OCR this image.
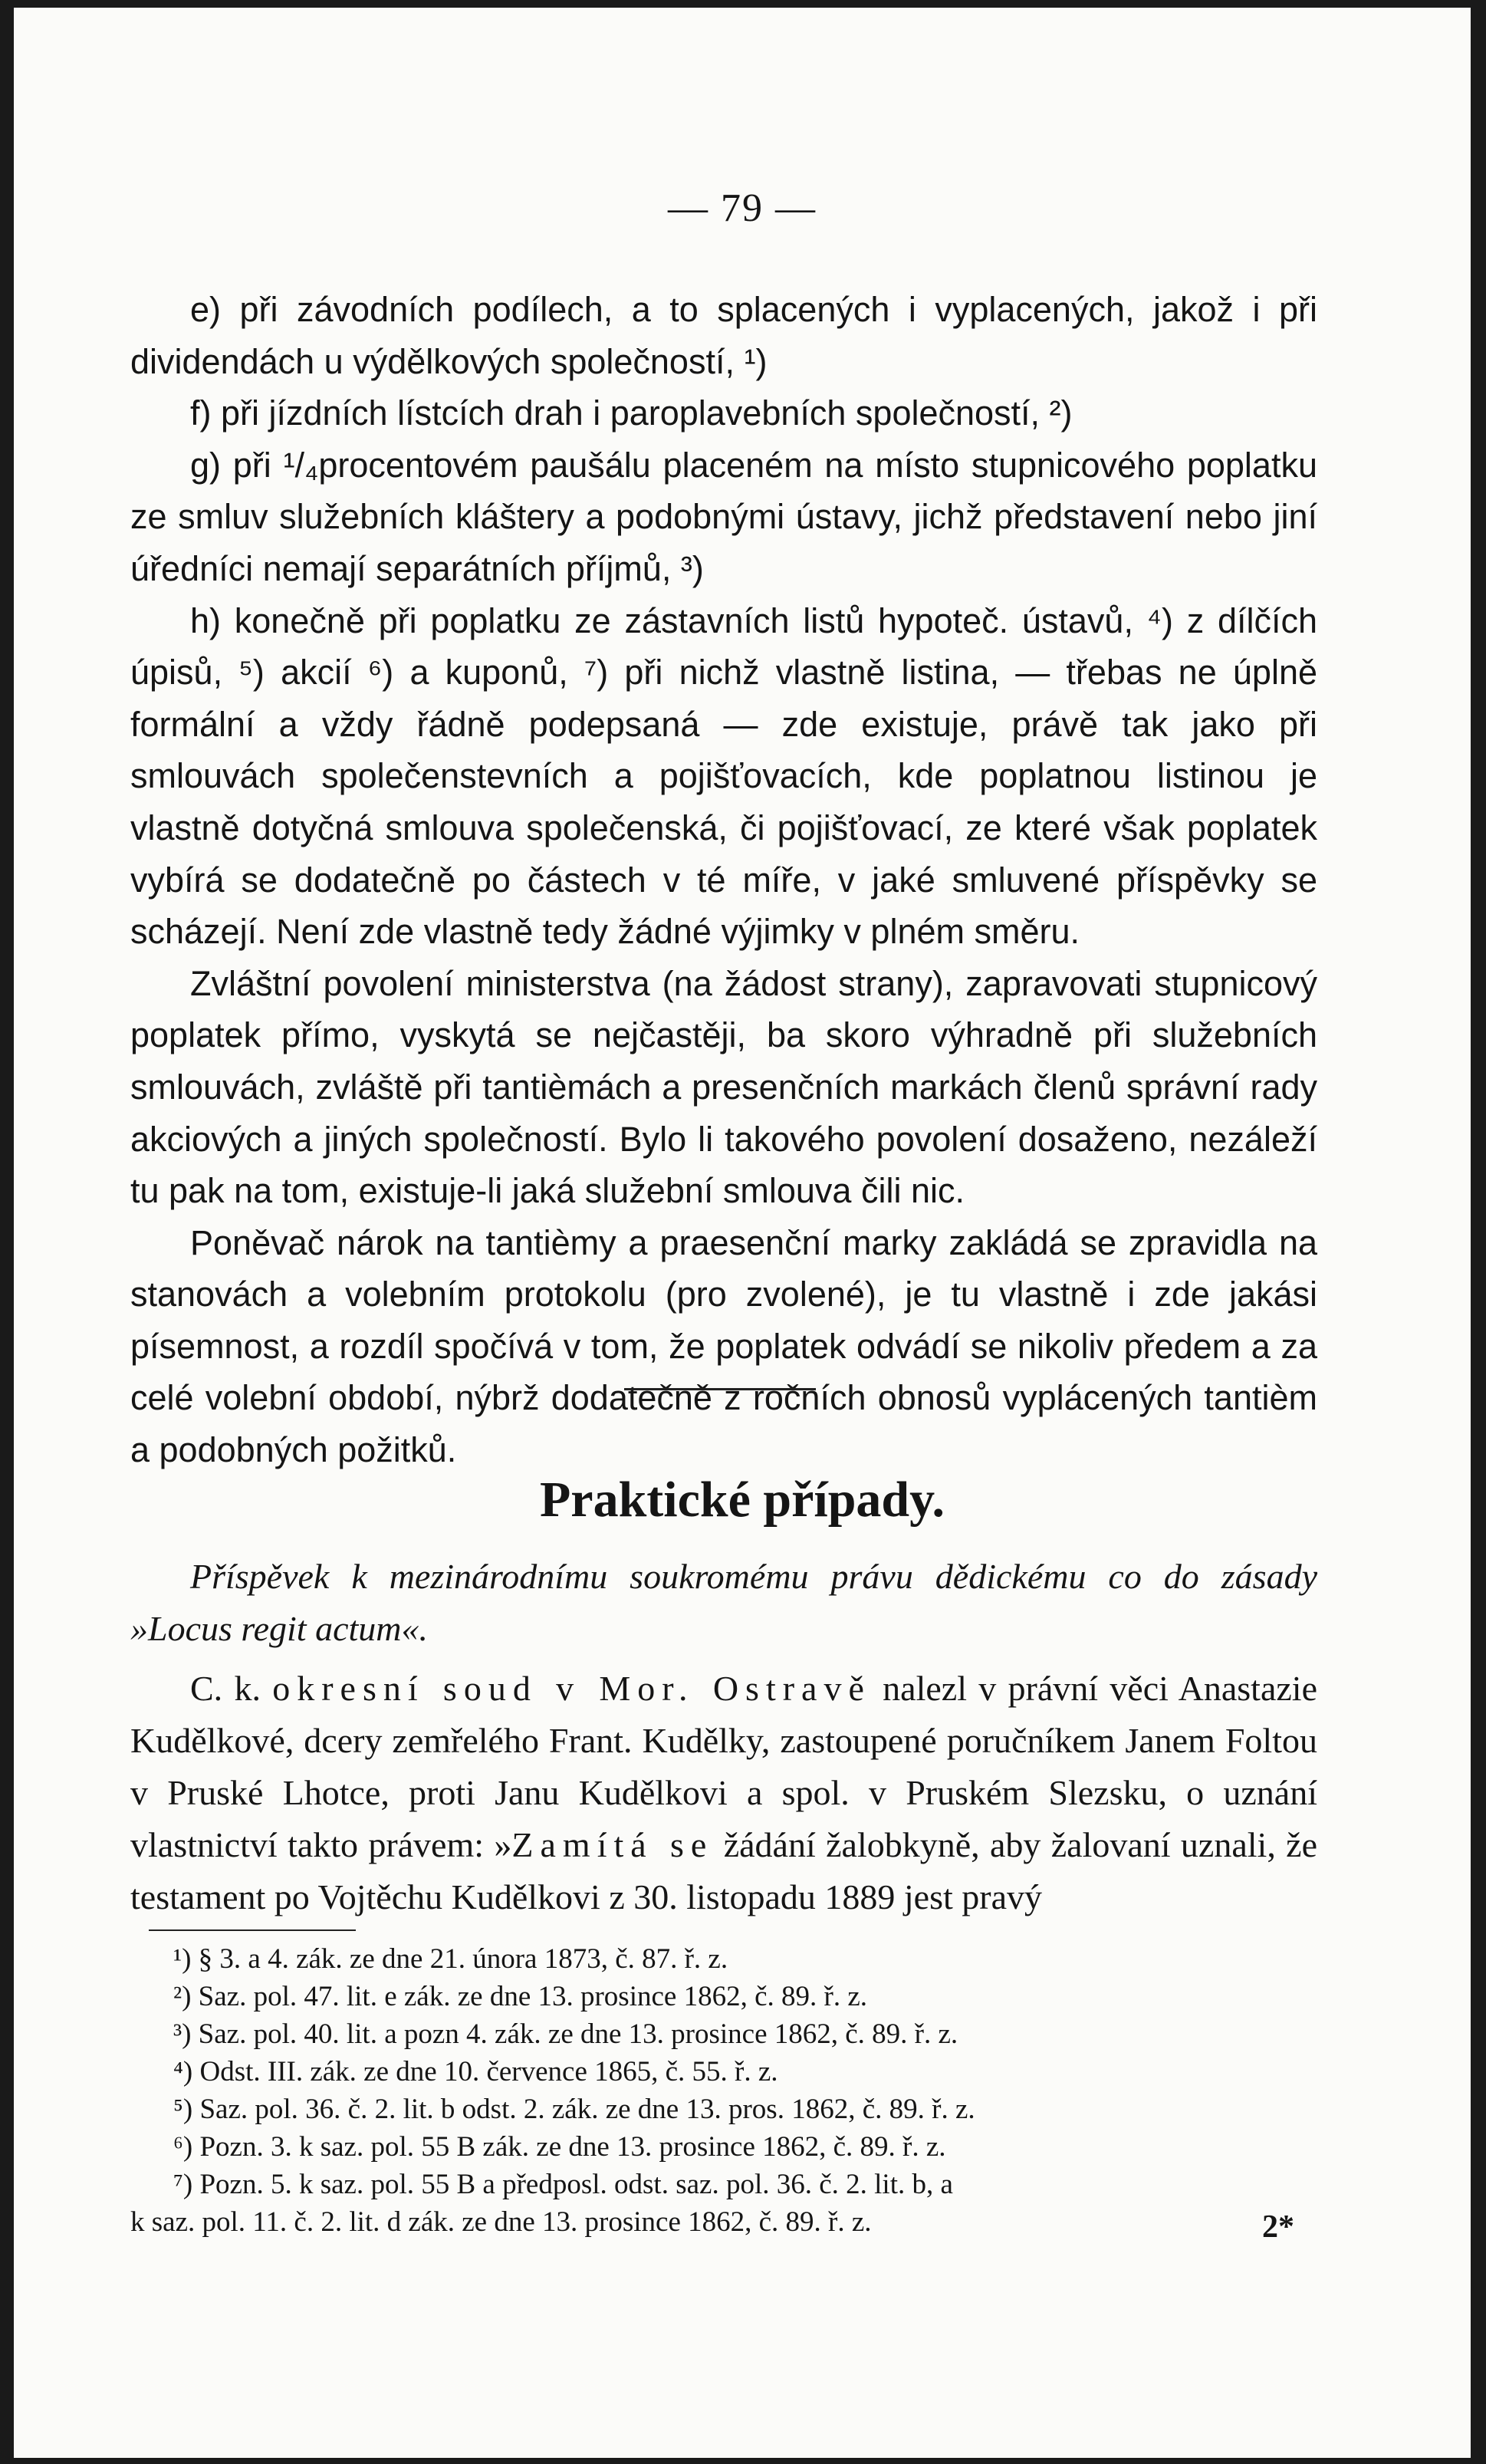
— 79 —

e) při závodních podílech, a to splacených i vyplacených, jakož i při dividendách u výdělkových společností, ¹)

f) při jízdních lístcích drah i paroplavebních společností, ²)

g) při ¹/₄procentovém paušálu placeném na místo stupnicového poplatku ze smluv služebních kláštery a podobnými ústavy, jichž představení nebo jiní úředníci nemají separátních příjmů, ³)

h) konečně při poplatku ze zástavních listů hypoteč. ústavů, ⁴) z dílčích úpisů, ⁵) akcií ⁶) a kuponů, ⁷) při nichž vlastně listina, — třebas ne úplně formální a vždy řádně podepsaná — zde existuje, právě tak jako při smlouvách společenstevních a pojišťovacích, kde poplatnou listinou je vlastně dotyčná smlouva společenská, či pojišťovací, ze které však poplatek vybírá se dodatečně po částech v té míře, v jaké smluvené příspěvky se scházejí. Není zde vlastně tedy žádné výjimky v plném směru.

Zvláštní povolení ministerstva (na žádost strany), zapravovati stupnicový poplatek přímo, vyskytá se nejčastěji, ba skoro výhradně při služebních smlouvách, zvláště při tantièmách a presenčních markách členů správní rady akciových a jiných společností. Bylo li takového povolení dosaženo, nezáleží tu pak na tom, existuje-li jaká služební smlouva čili nic.

Poněvač nárok na tantièmy a praesenční marky zakládá se zpravidla na stanovách a volebním protokolu (pro zvolené), je tu vlastně i zde jakási písemnost, a rozdíl spočívá v tom, že poplatek odvádí se nikoliv předem a za celé volební období, nýbrž dodatečně z ročních obnosů vyplácených tantièm a podobných požitků.

Praktické případy.

Příspěvek k mezinárodnímu soukromému právu dědickému co do zásady »Locus regit actum«.

C. k. okresní soud v Mor. Ostravě nalezl v právní věci Anastazie Kudělkové, dcery zemřelého Frant. Kudělky, zastoupené poručníkem Janem Foltou v Pruské Lhotce, proti Janu Kudělkovi a spol. v Pruském Slezsku, o uznání vlastnictví takto právem: »Zamítá se žádání žalobkyně, aby žalovaní uznali, že testament po Vojtěchu Kudělkovi z 30. listopadu 1889 jest pravý

¹) § 3. a 4. zák. ze dne 21. února 1873, č. 87. ř. z.

²) Saz. pol. 47. lit. e zák. ze dne 13. prosince 1862, č. 89. ř. z.

³) Saz. pol. 40. lit. a pozn 4. zák. ze dne 13. prosince 1862, č. 89. ř. z.

⁴) Odst. III. zák. ze dne 10. července 1865, č. 55. ř. z.

⁵) Saz. pol. 36. č. 2. lit. b odst. 2. zák. ze dne 13. pros. 1862, č. 89. ř. z.

⁶) Pozn. 3. k saz. pol. 55 B zák. ze dne 13. prosince 1862, č. 89. ř. z.

⁷) Pozn. 5. k saz. pol. 55 B a předposl. odst. saz. pol. 36. č. 2. lit. b, a

k saz. pol. 11. č. 2. lit. d zák. ze dne 13. prosince 1862, č. 89. ř. z.	2*
